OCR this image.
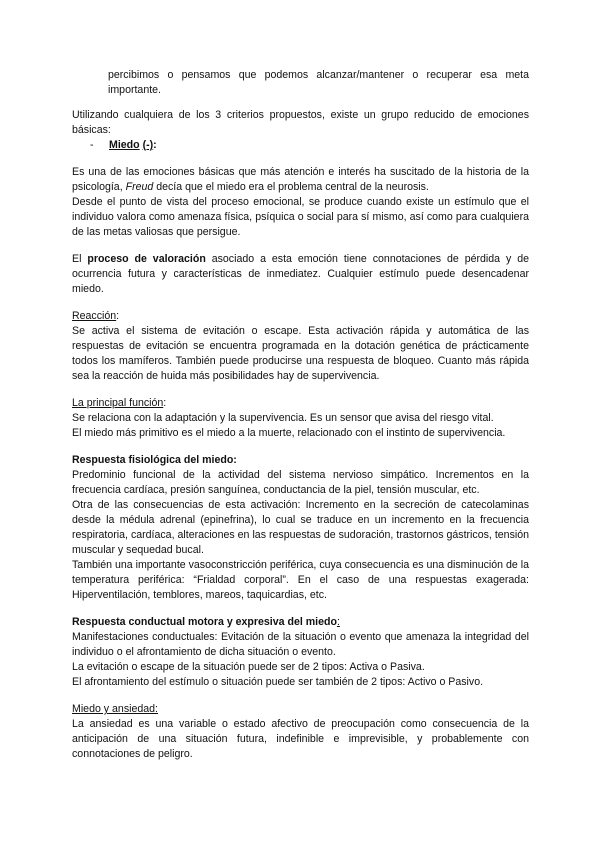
percibimos o pensamos que podemos alcanzar/mantener o recuperar esa meta importante.

Utilizando cualquiera de los 3 criterios propuestos, existe un grupo reducido de emociones básicas:

-	Miedo (-):

Es una de las emociones básicas que más atención e interés ha suscitado de la historia de la psicología, Freud decía que el miedo era el problema central de la neurosis.

Desde el punto de vista del proceso emocional, se produce cuando existe un estímulo que el individuo valora como amenaza física, psíquica o social para sí mismo, así como para cualquiera de las metas valiosas que persigue.

El proceso de valoración asociado a esta emoción tiene connotaciones de pérdida y de ocurrencia futura y características de inmediatez. Cualquier estímulo puede desencadenar miedo.

Reacción:

Se activa el sistema de evitación o escape. Esta activación rápida y automática de las respuestas de evitación se encuentra programada en la dotación genética de prácticamente todos los mamíferos. También puede producirse una respuesta de bloqueo. Cuanto más rápida sea la reacción de huida más posibilidades hay de supervivencia.

La principal función:

Se relaciona con la adaptación y la supervivencia. Es un sensor que avisa del riesgo vital.

El miedo más primitivo es el miedo a la muerte, relacionado con el instinto de supervivencia.

Respuesta fisiológica del miedo:

Predominio funcional de la actividad del sistema nervioso simpático. Incrementos en la frecuencia cardíaca, presión sanguínea, conductancia de la piel, tensión muscular, etc.

Otra de las consecuencias de esta activación: Incremento en la secreción de catecolaminas desde la médula adrenal (epinefrina), lo cual se traduce en un incremento en la frecuencia respiratoria, cardíaca, alteraciones en las respuestas de sudoración, trastornos gástricos, tensión muscular y sequedad bucal.

También una importante vasoconstricción periférica, cuya consecuencia es una disminución de la temperatura periférica: “Frialdad corporal”. En el caso de una respuestas exagerada: Hiperventilación, temblores, mareos, taquicardias, etc.

Respuesta conductual motora y expresiva del miedo:

Manifestaciones conductuales: Evitación de la situación o evento que amenaza la integridad del individuo o el afrontamiento de dicha situación o evento.

La evitación o escape de la situación puede ser de 2 tipos: Activa o Pasiva.

El afrontamiento del estímulo o situación puede ser también de 2 tipos: Activo o Pasivo.

Miedo y ansiedad:

La ansiedad es una variable o estado afectivo de preocupación como consecuencia de la anticipación de una situación futura, indefinible e imprevisible, y probablemente con connotaciones de peligro.
